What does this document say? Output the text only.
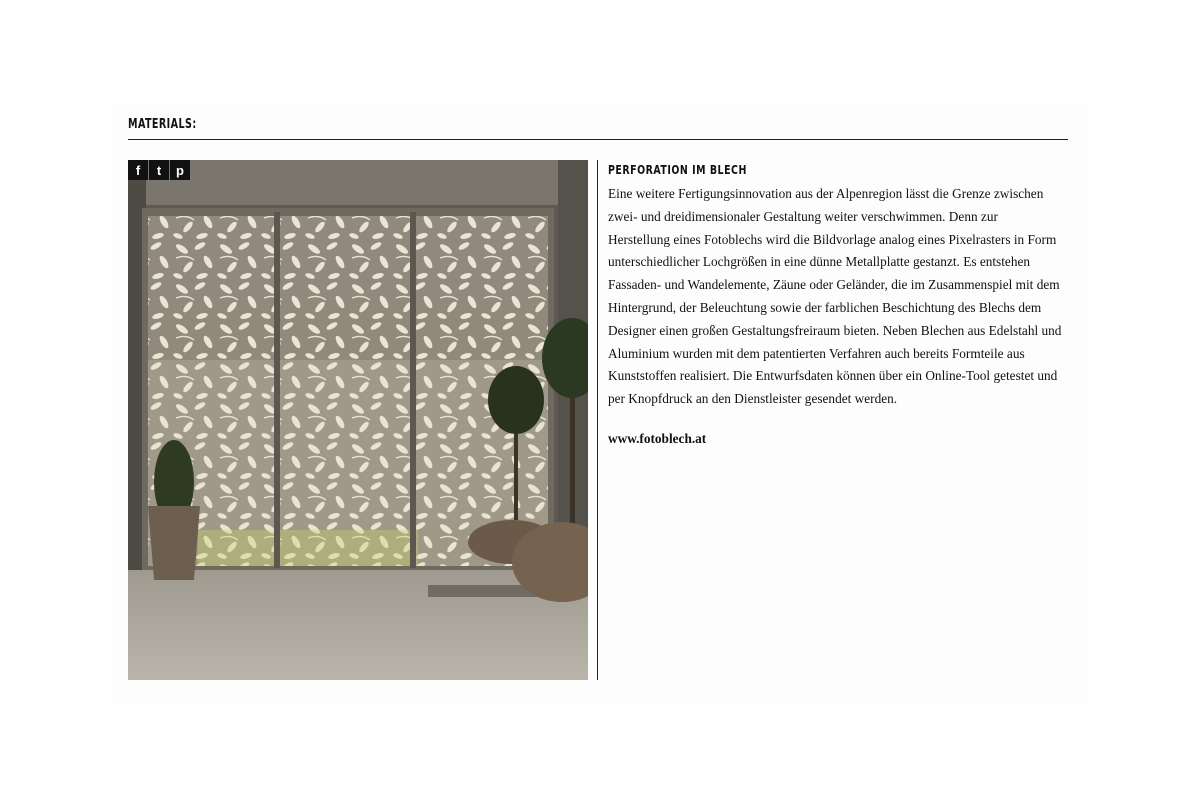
MATERIALS:
f t p	PERFORATION IM BLECH

Eine weitere Fertigungsinnovation aus der Alpenregion lässt die Grenze zwischen zwei- und dreidimensionaler Gestaltung weiter verschwimmen. Denn zur Herstellung eines Fotoblechs wird die Bildvorlage analog eines Pixelrasters in Form unterschiedlicher Lochgrößen in eine dünne Metallplatte gestanzt. Es entstehen Fassaden- und Wandelemente, Zäune oder Geländer, die im Zusammenspiel mit dem Hintergrund, der Beleuchtung sowie der farblichen Beschichtung des Blechs dem Designer einen großen Gestaltungsfreiraum bieten. Neben Blechen aus Edelstahl und Aluminium wurden mit dem patentierten Verfahren auch bereits Formteile aus Kunststoffen realisiert. Die Entwurfsdaten können über ein Online-Tool getestet und per Knopfdruck an den Dienstleister gesendet werden.

www.fotoblech.at
